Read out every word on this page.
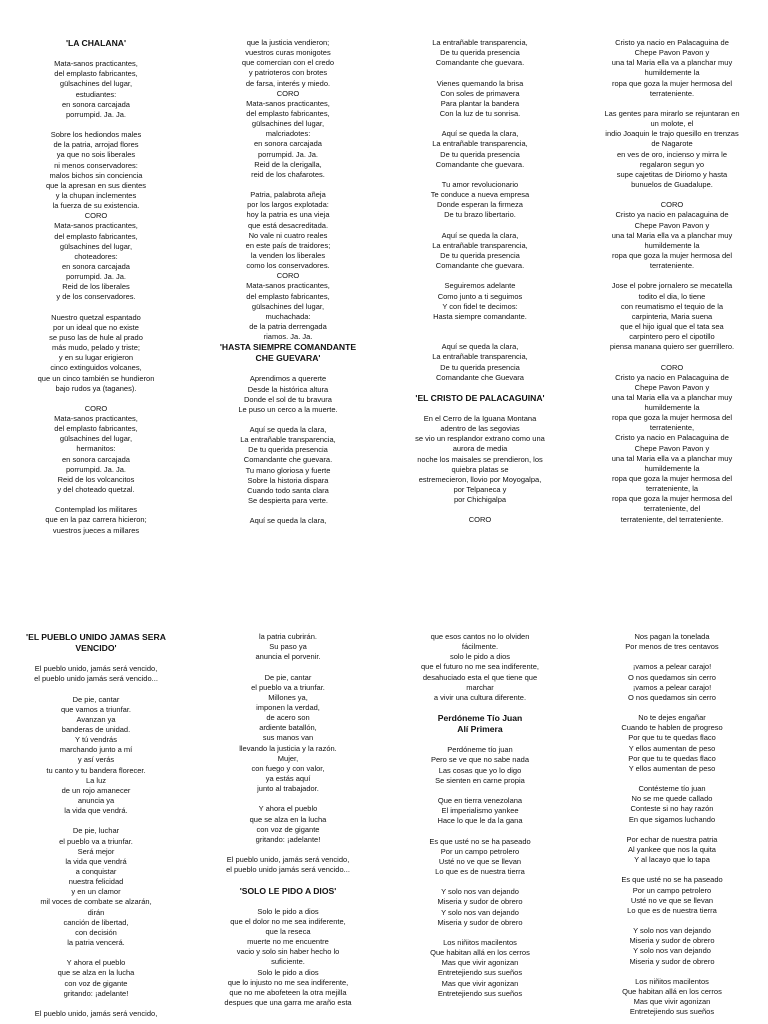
'LA CHALANA'
Mata-sanos practicantes,
del emplasto fabricantes,
gülsachines del lugar,
estudiantes:
en sonora carcajada
porrumpid. Ja. Ja.
Sobre los hediondos males
de la patria, arrojad flores
ya que no sois liberales
ni menos conservadores:
malos bichos sin conciencia
que la apresan en sus dientes
y la chupan inclementes
la fuerza de su existencia.
CORO
Mata-sanos practicantes,
del emplasto fabricantes,
gülsachines del lugar,
choteadores:
en sonora carcajada
porrumpid. Ja. Ja.
Reid de los liberales
y de los conservadores.
Nuestro quetzal espantado
por un ideal que no existe
se puso las de hule al prado
más mudo, pelado y triste;
y en su lugar erigieron
cinco extinguidos volcanes,
que un cinco también se hundieron
bajo rudos ya (taganes).
CORO
Mata-sanos practicantes,
del emplasto fabricantes,
gülsachines del lugar,
hermanitos:
en sonora carcajada
porrumpid. Ja. Ja.
Reid de los volcancitos
y del choteado quetzal.
Contemplad los militares
que en la paz carrera hicieron;
vuestros jueces a millares
que la justicia vendieron;
vuestros curas monigotes
que comercian con el credo
y patrioteros con brotes
de farsa, interés y miedo.
CORO
Mata-sanos practicantes,
del emplasto fabricantes,
gülsachines del lugar,
malcriadotes:
en sonora carcajada
porrumpid. Ja. Ja.
Reid de la clerigalla,
reid de los chafarotes.
Patria, palabrota añeja
por los largos explotada:
hoy la patria es una vieja
que está desacreditada.
No vale ni cuatro reales
en este país de traidores;
la venden los liberales
como los conservadores.
CORO
Mata-sanos practicantes,
del emplasto fabricantes,
gülsachines del lugar,
muchachada:
de la patria derrengada
riamos. Ja. Ja.
'HASTA SIEMPRE COMANDANTE
CHE GUEVARA'
Aprendimos a quererte
Desde la histórica altura
Donde el sol de tu bravura
Le puso un cerco a la muerte.
Aquí se queda la clara,
La entrañable transparencia,
De tu querida presencia
Comandante che guevara.
Tu mano gloriosa y fuerte
Sobre la historia dispara
Cuando todo santa clara
Se despierta para verte.
Aquí se queda la clara,
La entrañable transparencia,
De tu querida presencia
Comandante che guevara.
Vienes quemando la brisa
Con soles de primavera
Para plantar la bandera
Con la luz de tu sonrisa.
Aquí se queda la clara,
La entrañable transparencia,
De tu querida presencia
Comandante che guevara.
Tu amor revolucionario
Te conduce a nueva empresa
Donde esperan la firmeza
De tu brazo libertario.
Aquí se queda la clara,
La entrañable transparencia,
De tu querida presencia
Comandante che guevara.
Seguiremos adelante
Como junto a ti seguimos
Y con fidel te decimos:
Hasta siempre comandante.
Aquí se queda la clara,
La entrañable transparencia,
De tu querida presencia
Comandante che Guevara
'EL CRISTO DE PALACAGUINA'
En el Cerro de la Iguana Montana
adentro de las segovias
se vio un resplandor extrano como una
aurora de media
noche los maisales se prendieron, los
quiebra platas se
estremecieron, llovio por Moyogalpa,
por Telpaneca y
por Chichigalpa
CORO
Cristo ya nacio en Palacaguina de
Chepe Pavon Pavon y
una tal Maria ella va a planchar muy
humildemente la
ropa que goza la mujer hermosa del
terrateniente.
Las gentes para mirarlo se rejuntaran en
un molote, el
indio Joaquin le trajo quesillo en trenzas
de Nagarote
en ves de oro, incienso y mirra le
regalaron segun yo
supe cajetitas de Diriomo y hasta
bunuelos de Guadalupe.
CORO
Cristo ya nacio en palacaguina de
Chepe Pavon Pavon y
una tal Maria ella va a planchar muy
humildemente la
ropa que goza la mujer hermosa del
terrateniente.
Jose el pobre jornalero se mecatella
todito el dia, lo tiene
con reumatismo el tequio de la
carpinteria, Maria suena
que el hijo igual que el tata sea
carpintero pero el cipotillo
piensa manana quiero ser guerrillero.
CORO
Cristo ya nacio en Palacaguina de
Chepe Pavon Pavon y
una tal Maria ella va a planchar muy
humildemente la
ropa que goza la mujer hermosa del
terrateniente,
Cristo ya nacio en Palacaguina de
Chepe Pavon Pavon y
una tal Maria ella va a planchar muy
humildemente la
ropa que goza la mujer hermosa del
terrateniente, la
ropa que goza la mujer hermosa del
terrateniente, del
terrateniente, del terrateniente.
'EL PUEBLO UNIDO JAMAS SERA
VENCIDO'
El pueblo unido, jamás será vencido,
el pueblo unido jamás será vencido...
De pie, cantar
que vamos a triunfar.
Avanzan ya
banderas de unidad.
Y tú vendrás
marchando junto a mí
y así verás
tu canto y tu bandera florecer.
La luz
de un rojo amanecer
anuncia ya
la vida que vendrá.
De pie, luchar
el pueblo va a triunfar.
Será mejor
la vida que vendrá
a conquistar
nuestra felicidad
y en un clamor
mil voces de combate se alzarán,
dirán
canción de libertad,
con decisión
la patria vencerá.
Y ahora el pueblo
que se alza en la lucha
con voz de gigante
gritando: ¡adelante!
El pueblo unido, jamás será vencido,
la patria cubrirán.
Su paso ya
anuncia el porvenir.
De pie, cantar
el pueblo va a triunfar.
Millones ya,
imponen la verdad,
de acero son
ardiente batallón,
sus manos van
llevando la justicia y la razón.
Mujer,
con fuego y con valor,
ya estás aquí
junto al trabajador.
Y ahora el pueblo
que se alza en la lucha
con voz de gigante
gritando: ¡adelante!
El pueblo unido, jamás será vencido,
el pueblo unido jamás será vencido...
'SOLO LE PIDO A DIOS'
Solo le pido a dios
que el dolor no me sea indiferente,
que la reseca
muerte no me encuentre
vacio y solo sin haber hecho lo
suficiente.
Solo le pido a dios
que lo injusto no me sea indiferente,
que no me abofeteen la otra mejilla
despues que una garra me araño esta
que esos cantos no lo olviden
fácilmente.
solo le pido a dios
que el futuro no me sea indiferente,
desahuciado esta el que tiene que
marchar
a vivir una cultura diferente.
Perdóneme Tío Juan
Alí Primera
Perdóneme tío juan
Pero se ve que no sabe nada
Las cosas que yo lo digo
Se sienten en carne propia
Que en tierra venezolana
El imperialismo yankee
Hace lo que le da la gana
Es que usté no se ha paseado
Por un campo petrolero
Usté no ve que se llevan
Lo que es de nuestra tierra
Y solo nos van dejando
Miseria y sudor de obrero
Y solo nos van dejando
Miseria y sudor de obrero
Los niñitos macilentos
Que habitan allá en los cerros
Mas que vivir agonizan
Entretejiendo sus sueños
Mas que vivir agonizan
Entretejiendo sus sueños
Nos pagan la tonelada
Por menos de tres centavos
¡vamos a pelear carajo!
O nos quedamos sin cerro
¡vamos a pelear carajo!
O nos quedamos sin cerro
No te dejes engañar
Cuando te hablen de progreso
Por que tu te quedas flaco
Y ellos aumentan de peso
Por que tu te quedas flaco
Y ellos aumentan de peso
Contésteme tío juan
No se me quede callado
Conteste si no hay razón
En que sigamos luchando
Por echar de nuestra patria
Al yankee que nos la quita
Y al lacayo que lo tapa
Es que usté no se ha paseado
Por un campo petrolero
Usté no ve que se llevan
Lo que es de nuestra tierra
Y solo nos van dejando
Miseria y sudor de obrero
Y solo nos van dejando
Miseria y sudor de obrero
Los niñitos macilentos
Que habitan allá en los cerros
Mas que vivir agonizan
Entretejiendo sus sueños
